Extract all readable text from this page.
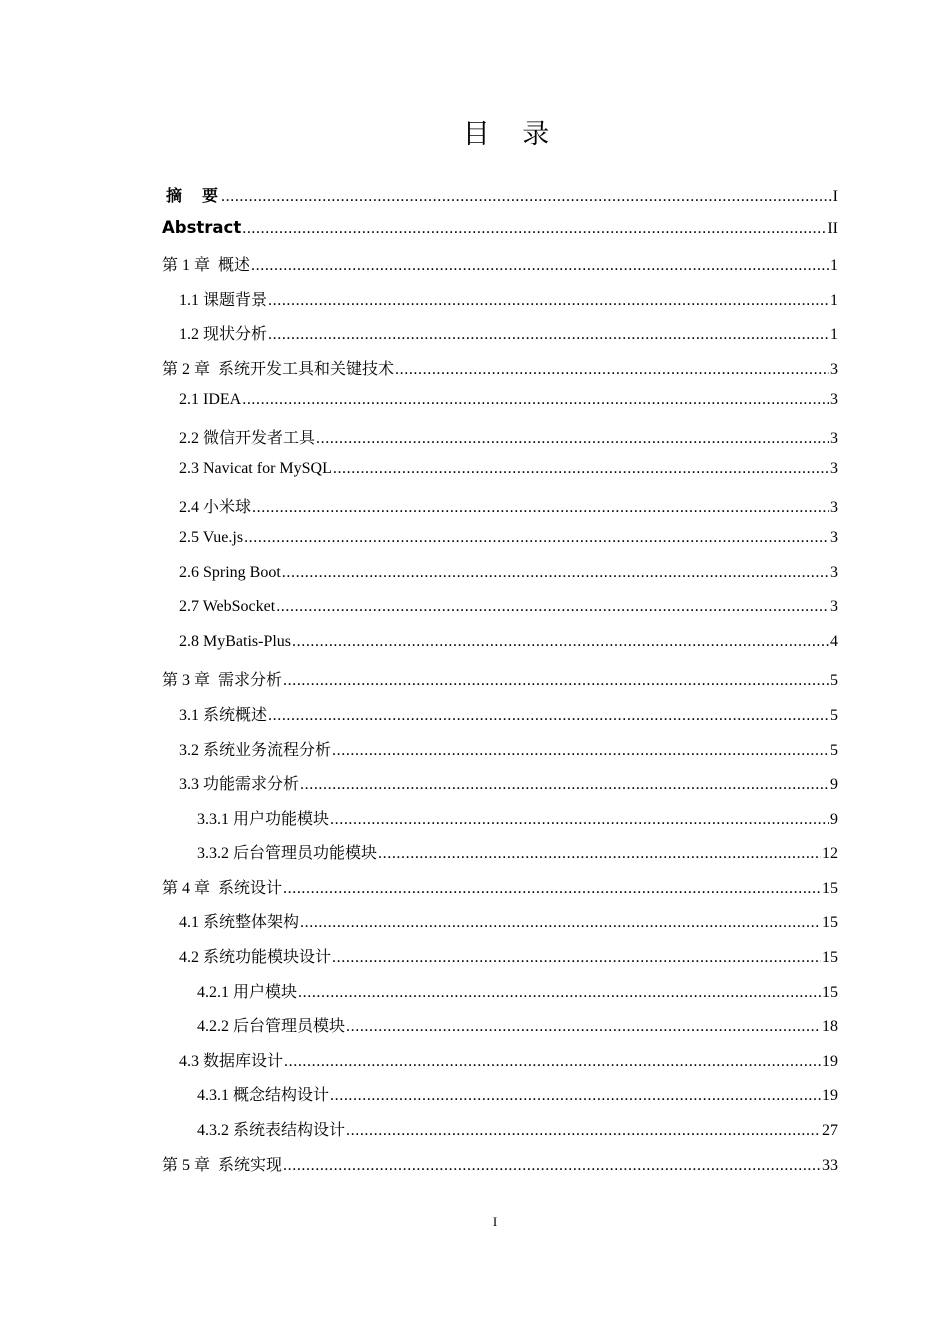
目 录
摘　要 .....	I
Abstract .....	II
第 1 章  概述 .....	1
1.1 课题背景 .....	1
1.2 现状分析 .....	1
第 2 章  系统开发工具和关键技术 .....	3
2.1 IDEA .....	3
2.2 微信开发者工具 .....	3
2.3 Navicat for MySQL .....	3
2.4 小米球 .....	3
2.5 Vue.js .....	3
2.6 Spring Boot .....	3
2.7 WebSocket .....	3
2.8 MyBatis-Plus .....	4
第 3 章  需求分析 .....	5
3.1 系统概述 .....	5
3.2 系统业务流程分析 .....	5
3.3 功能需求分析 .....	9
3.3.1 用户功能模块 .....	9
3.3.2 后台管理员功能模块 .....	12
第 4 章  系统设计 .....	15
4.1 系统整体架构 .....	15
4.2 系统功能模块设计 .....	15
4.2.1 用户模块 .....	15
4.2.2 后台管理员模块 .....	18
4.3 数据库设计 .....	19
4.3.1 概念结构设计 .....	19
4.3.2 系统表结构设计 .....	27
第 5 章  系统实现 .....	33
I
